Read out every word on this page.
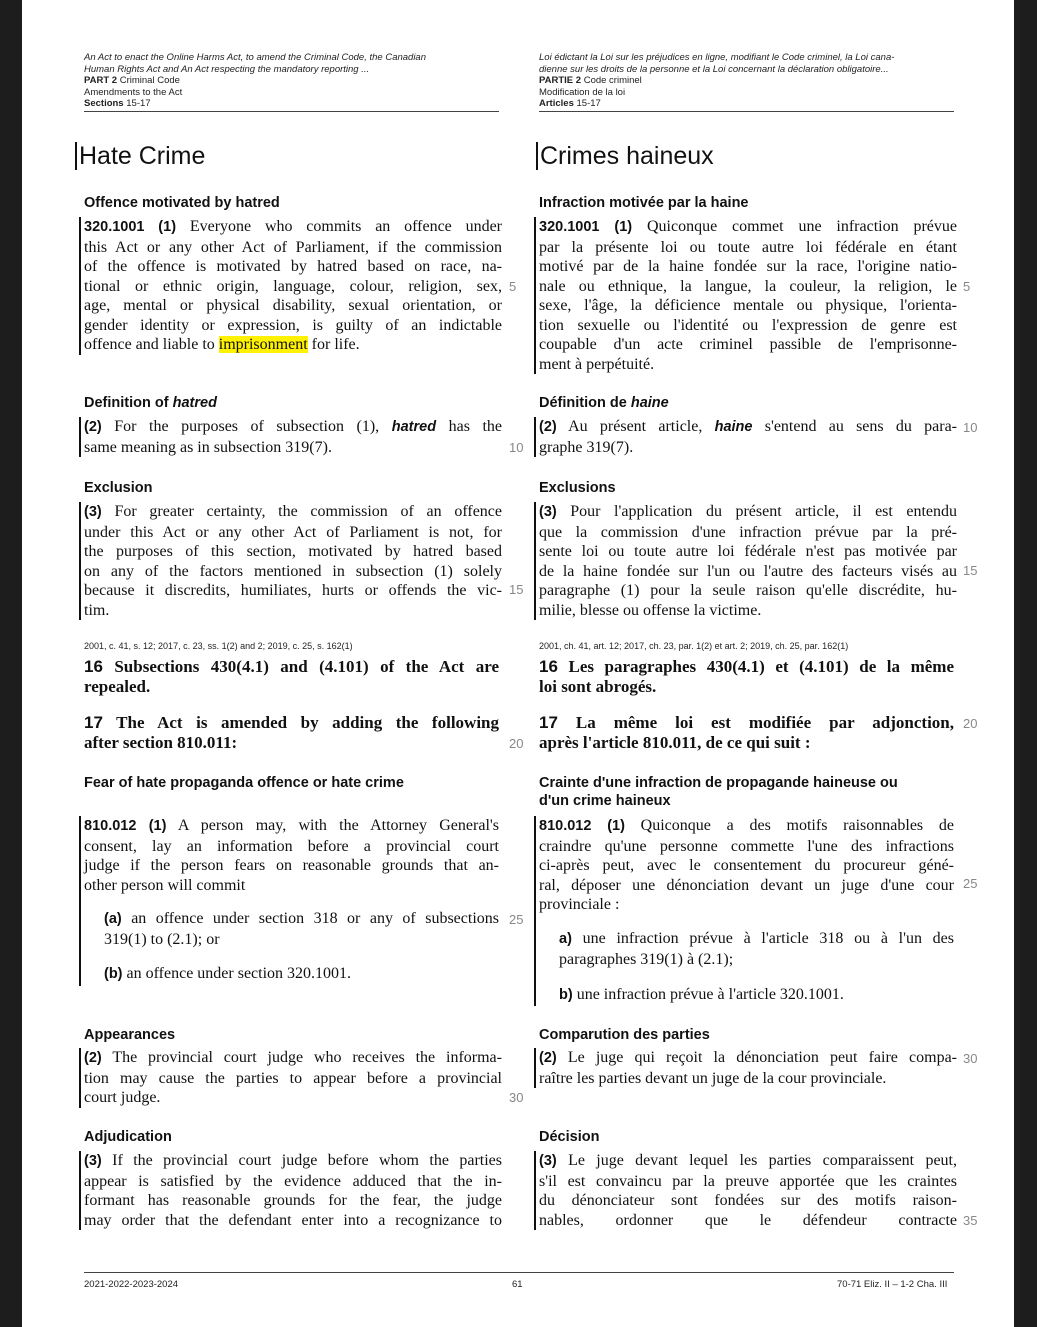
An Act to enact the Online Harms Act, to amend the Criminal Code, the Canadian
Human Rights Act and An Act respecting the mandatory reporting ...
PART 2 Criminal Code
Amendments to the Act
Sections 15-17
Loi édictant la Loi sur les préjudices en ligne, modifiant le Code criminel, la Loi cana-
dienne sur les droits de la personne et la Loi concernant la déclaration obligatoire...
PARTIE 2 Code criminel
Modification de la loi
Articles 15-17
Hate Crime	Crimes haineux
Offence motivated by hatred
320.1001 (1) Everyone who commits an offence under
this Act or any other Act of Parliament, if the commission
of the offence is motivated by hatred based on race, na-
tional or ethnic origin, language, colour, religion, sex,
age, mental or physical disability, sexual orientation, or
gender identity or expression, is guilty of an indictable
offence and liable to imprisonment for life.
Definition of hatred
(2) For the purposes of subsection (1), hatred has the
same meaning as in subsection 319(7).
Exclusion
(3) For greater certainty, the commission of an offence
under this Act or any other Act of Parliament is not, for
the purposes of this section, motivated by hatred based
on any of the factors mentioned in subsection (1) solely
because it discredits, humiliates, hurts or offends the vic-
tim.
2001, c. 41, s. 12; 2017, c. 23, ss. 1(2) and 2; 2019, c. 25, s. 162(1)
16 Subsections 430(4.1) and (4.101) of the Act are
repealed.
17 The Act is amended by adding the following
after section 810.011:
Fear of hate propaganda offence or hate crime
810.012 (1) A person may, with the Attorney General's
consent, lay an information before a provincial court
judge if the person fears on reasonable grounds that an-
other person will commit
(a) an offence under section 318 or any of subsections
319(1) to (2.1); or
(b) an offence under section 320.1001.
Appearances
(2) The provincial court judge who receives the informa-
tion may cause the parties to appear before a provincial
court judge.
Adjudication
(3) If the provincial court judge before whom the parties
appear is satisfied by the evidence adduced that the in-
formant has reasonable grounds for the fear, the judge
may order that the defendant enter into a recognizance to
5
10
15
20
25
30
Infraction motivée par la haine
320.1001 (1) Quiconque commet une infraction prévue
par la présente loi ou toute autre loi fédérale en étant
motivé par de la haine fondée sur la race, l'origine natio-
nale ou ethnique, la langue, la couleur, la religion, le
sexe, l'âge, la déficience mentale ou physique, l'orienta-
tion sexuelle ou l'identité ou l'expression de genre est
coupable d'un acte criminel passible de l'emprisonne-
ment à perpétuité.
Définition de haine
(2) Au présent article, haine s'entend au sens du para-
graphe 319(7).
Exclusions
(3) Pour l'application du présent article, il est entendu
que la commission d'une infraction prévue par la pré-
sente loi ou toute autre loi fédérale n'est pas motivée par
de la haine fondée sur l'un ou l'autre des facteurs visés au
paragraphe (1) pour la seule raison qu'elle discrédite, hu-
milie, blesse ou offense la victime.
2001, ch. 41, art. 12; 2017, ch. 23, par. 1(2) et art. 2; 2019, ch. 25, par. 162(1)
16 Les paragraphes 430(4.1) et (4.101) de la même
loi sont abrogés.
17 La même loi est modifiée par adjonction,
après l'article 810.011, de ce qui suit :
Crainte d'une infraction de propagande haineuse ou
d'un crime haineux
810.012 (1) Quiconque a des motifs raisonnables de
craindre qu'une personne commette l'une des infractions
ci-après peut, avec le consentement du procureur géné-
ral, déposer une dénonciation devant un juge d'une cour
provinciale :
a) une infraction prévue à l'article 318 ou à l'un des
paragraphes 319(1) à (2.1);
b) une infraction prévue à l'article 320.1001.
Comparution des parties
(2) Le juge qui reçoit la dénonciation peut faire compa-
raître les parties devant un juge de la cour provinciale.
Décision
(3) Le juge devant lequel les parties comparaissent peut,
s'il est convaincu par la preuve apportée que les craintes
du dénonciateur sont fondées sur des motifs raison-
nables, ordonner que le défendeur contracte
5
10
15
20
25
30
35
2021-2022-2023-2024	61	70-71 Eliz. II – 1-2 Cha. III
